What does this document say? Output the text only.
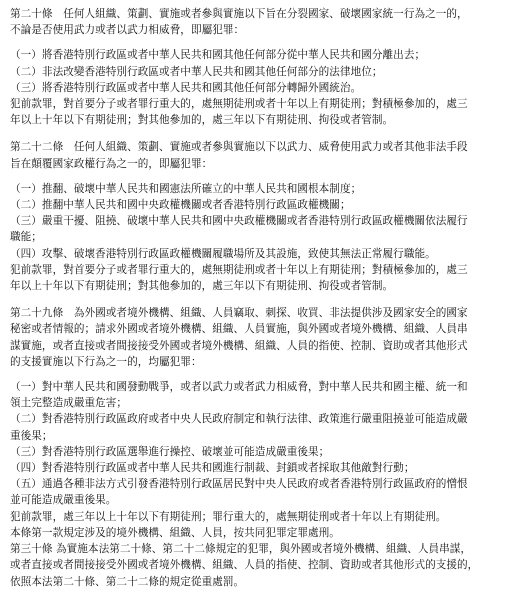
第二十條　任何人組織、策劃、實施或者參與實施以下旨在分裂國家、破壞國家統一行為之一的，
不論是否使用武力或者以武力相威脅，即屬犯罪：
（一）將香港特別行政區或者中華人民共和國其他任何部分從中華人民共和國分離出去；
（二）非法改變香港特別行政區或者中華人民共和國其他任何部分的法律地位；
（三）將香港特別行政區或者中華人民共和國其他任何部分轉歸外國統治。
犯前款罪，對首要分子或者罪行重大的，處無期徒刑或者十年以上有期徒刑；對積極參加的，處三
年以上十年以下有期徒刑；對其他參加的，處三年以下有期徒刑、拘役或者管制。
第二十二條　任何人組織、策劃、實施或者參與實施以下以武力、威脅使用武力或者其他非法手段
旨在顛覆國家政權行為之一的，即屬犯罪：
（一）推翻、破壞中華人民共和國憲法所確立的中華人民共和國根本制度；
（二）推翻中華人民共和國中央政權機關或者香港特別行政區政權機關；
（三）嚴重干擾、阻撓、破壞中華人民共和國中央政權機關或者香港特別行政區政權機關依法履行
職能；
（四）攻擊、破壞香港特別行政區政權機關履職場所及其設施，致使其無法正常履行職能。
犯前款罪，對首要分子或者罪行重大的，處無期徒刑或者十年以上有期徒刑；對積極參加的，處三
年以上十年以下有期徒刑；對其他參加的，處三年以下有期徒刑、拘役或者管制。
第二十九條　為外國或者境外機構、組織、人員竊取、刺探、收買、非法提供涉及國家安全的國家
秘密或者情報的；請求外國或者境外機構、組織、人員實施，與外國或者境外機構、組織、人員串
謀實施，或者直接或者間接接受外國或者境外機構、組織、人員的指使、控制、資助或者其他形式
的支援實施以下行為之一的，均屬犯罪：
（一）對中華人民共和國發動戰爭，或者以武力或者武力相威脅，對中華人民共和國主權、統一和
領土完整造成嚴重危害；
（二）對香港特別行政區政府或者中央人民政府制定和執行法律、政策進行嚴重阻撓並可能造成嚴
重後果；
（三）對香港特別行政區選舉進行操控、破壞並可能造成嚴重後果；
（四）對香港特別行政區或者中華人民共和國進行制裁、封鎖或者採取其他敵對行動；
（五）通過各種非法方式引發香港特別行政區居民對中央人民政府或者香港特別行政區政府的憎恨
並可能造成嚴重後果。
犯前款罪，處三年以上十年以下有期徒刑；罪行重大的，處無期徒刑或者十年以上有期徒刑。
本條第一款規定涉及的境外機構、組織、人員，按共同犯罪定罪處刑。
第三十條 為實施本法第二十條、第二十二條規定的犯罪，與外國或者境外機構、組織、人員串謀，
或者直接或者間接接受外國或者境外機構、組織、人員的指使、控制、資助或者其他形式的支援的，
依照本法第二十條、第二十二條的規定從重處罰。
